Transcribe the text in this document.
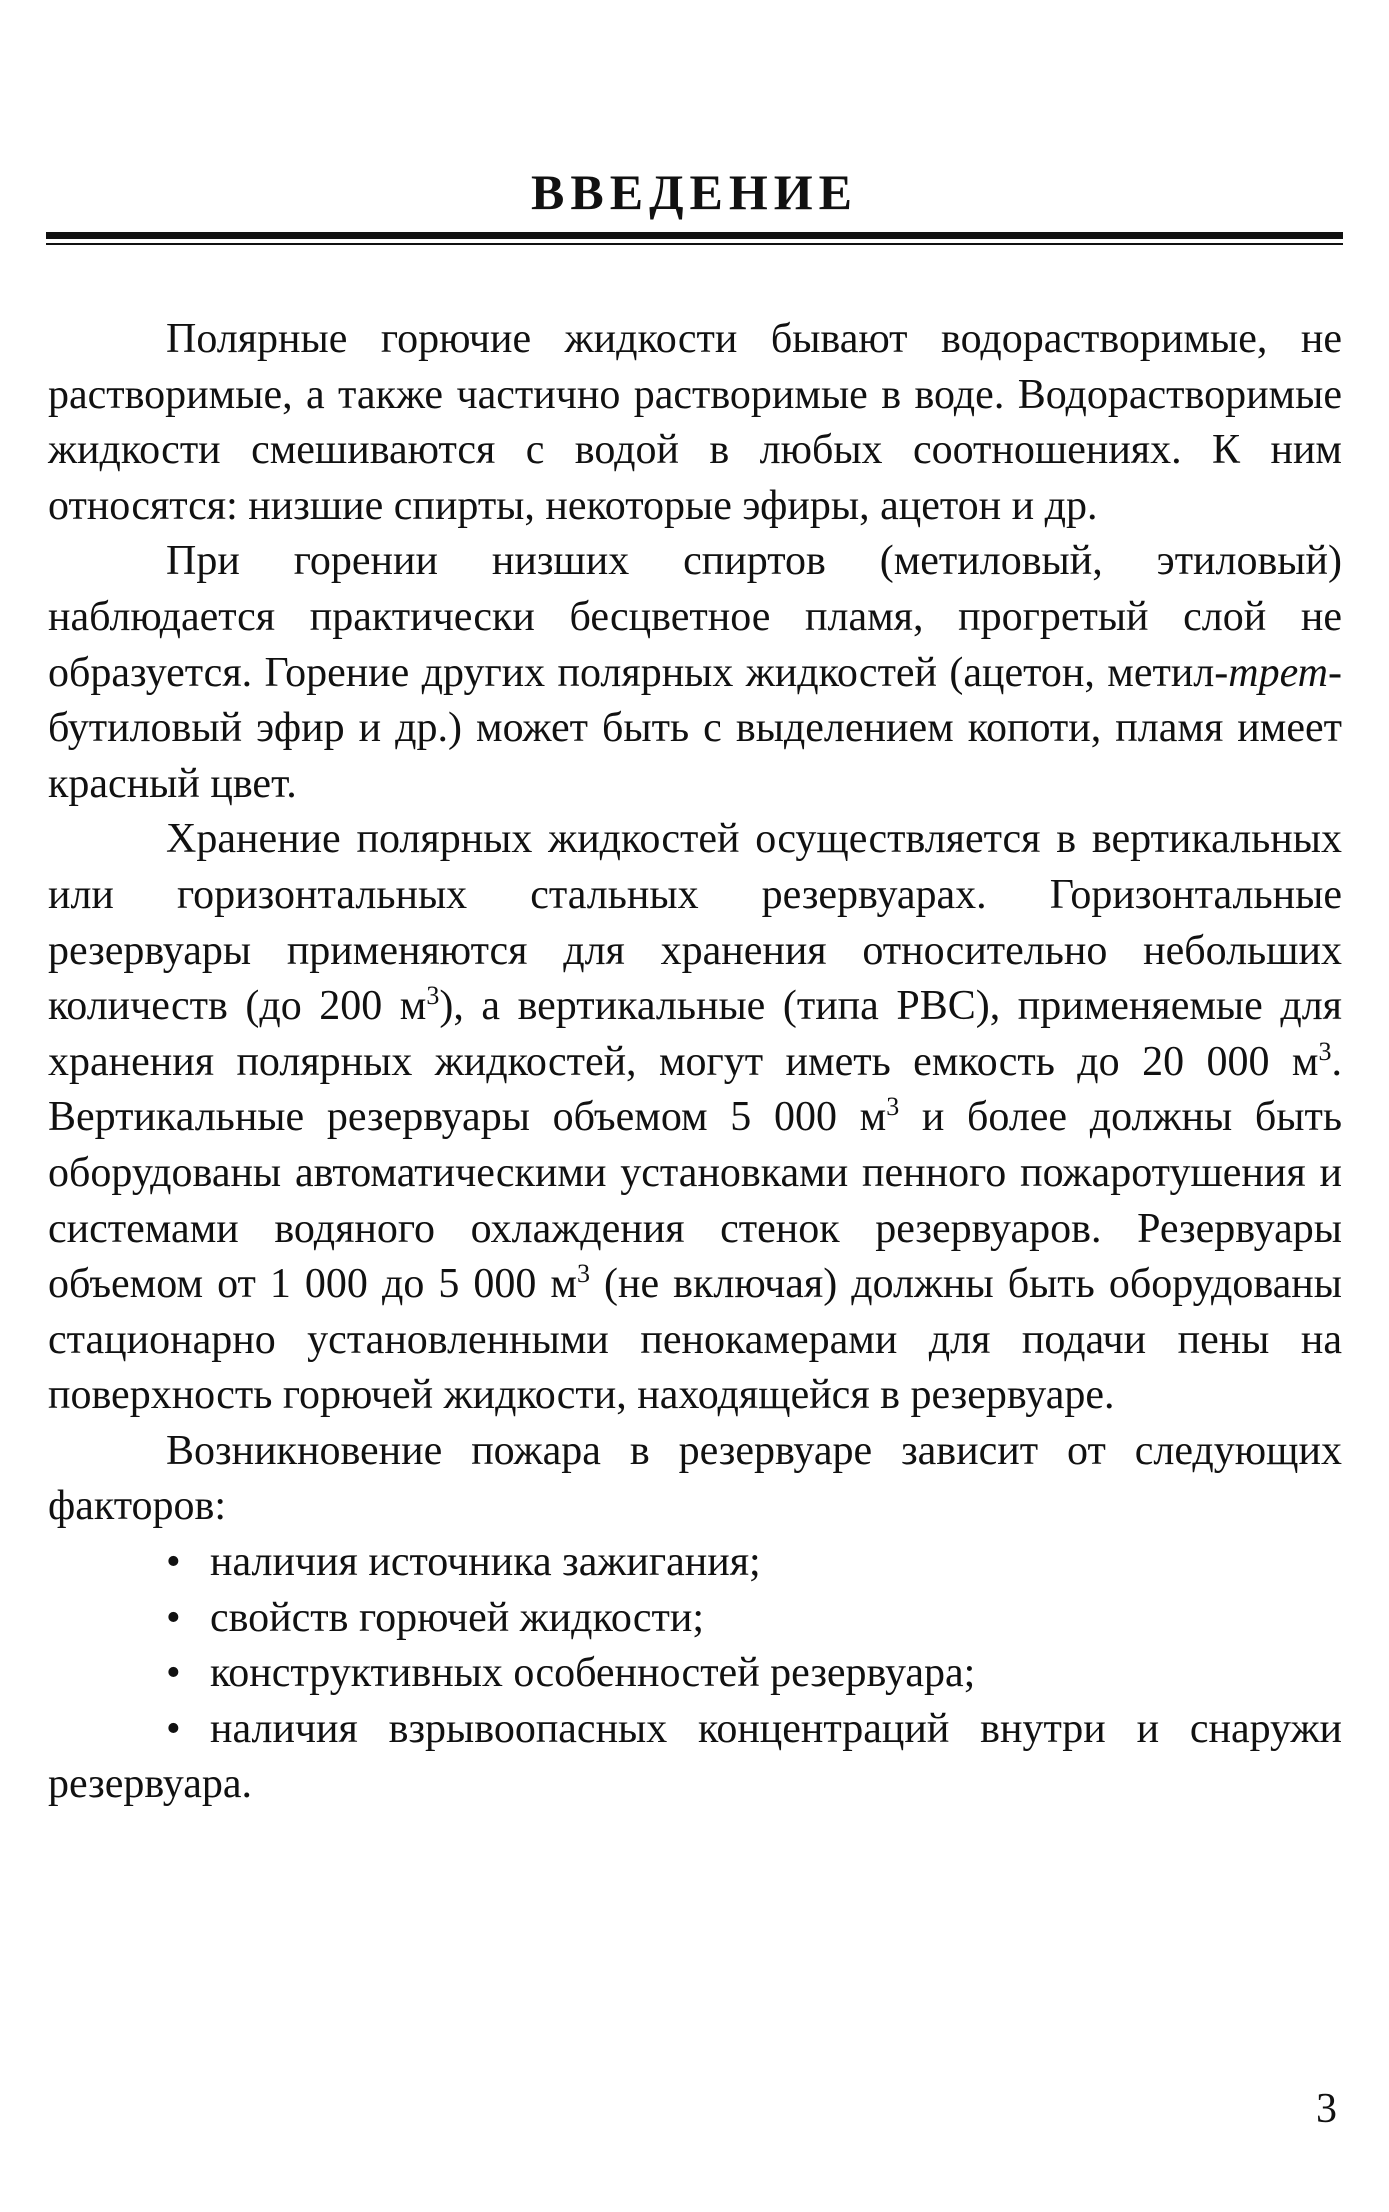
ВВЕДЕНИЕ

Полярные горючие жидкости бывают водорастворимые, не растворимые, а также частично растворимые в воде. Водорастворимые жидкости смешиваются с водой в любых соотношениях. К ним относятся: низшие спирты, некоторые эфиры, ацетон и др.

При горении низших спиртов (метиловый, этиловый) наблюдается практически бесцветное пламя, прогретый слой не образуется. Горение других полярных жидкостей (ацетон, метил-трет-бутиловый эфир и др.) может быть с выделением копоти, пламя имеет красный цвет.

Хранение полярных жидкостей осуществляется в вертикальных или горизонтальных стальных резервуарах. Горизонтальные резервуары применяются для хранения относительно небольших количеств (до 200 $м^3$), а вертикальные (типа РВС), применяемые для хранения полярных жидкостей, могут иметь емкость до 20 000 $м^3$. Вертикальные резервуары объемом 5 000 $м^3$ и более должны быть оборудованы автоматическими установками пенного пожаротушения и системами водяного охлаждения стенок резервуаров. Резервуары объемом от 1 000 до 5 000 $м^3$ (не включая) должны быть оборудованы стационарно установленными пенокамерами для подачи пены на поверхность горючей жидкости, находящейся в резервуаре.

Возникновение пожара в резервуаре зависит от следующих факторов:

• наличия источника зажигания;
• свойств горючей жидкости;
• конструктивных особенностей резервуара;
• наличия взрывоопасных концентраций внутри и снаружи резервуара.
3
